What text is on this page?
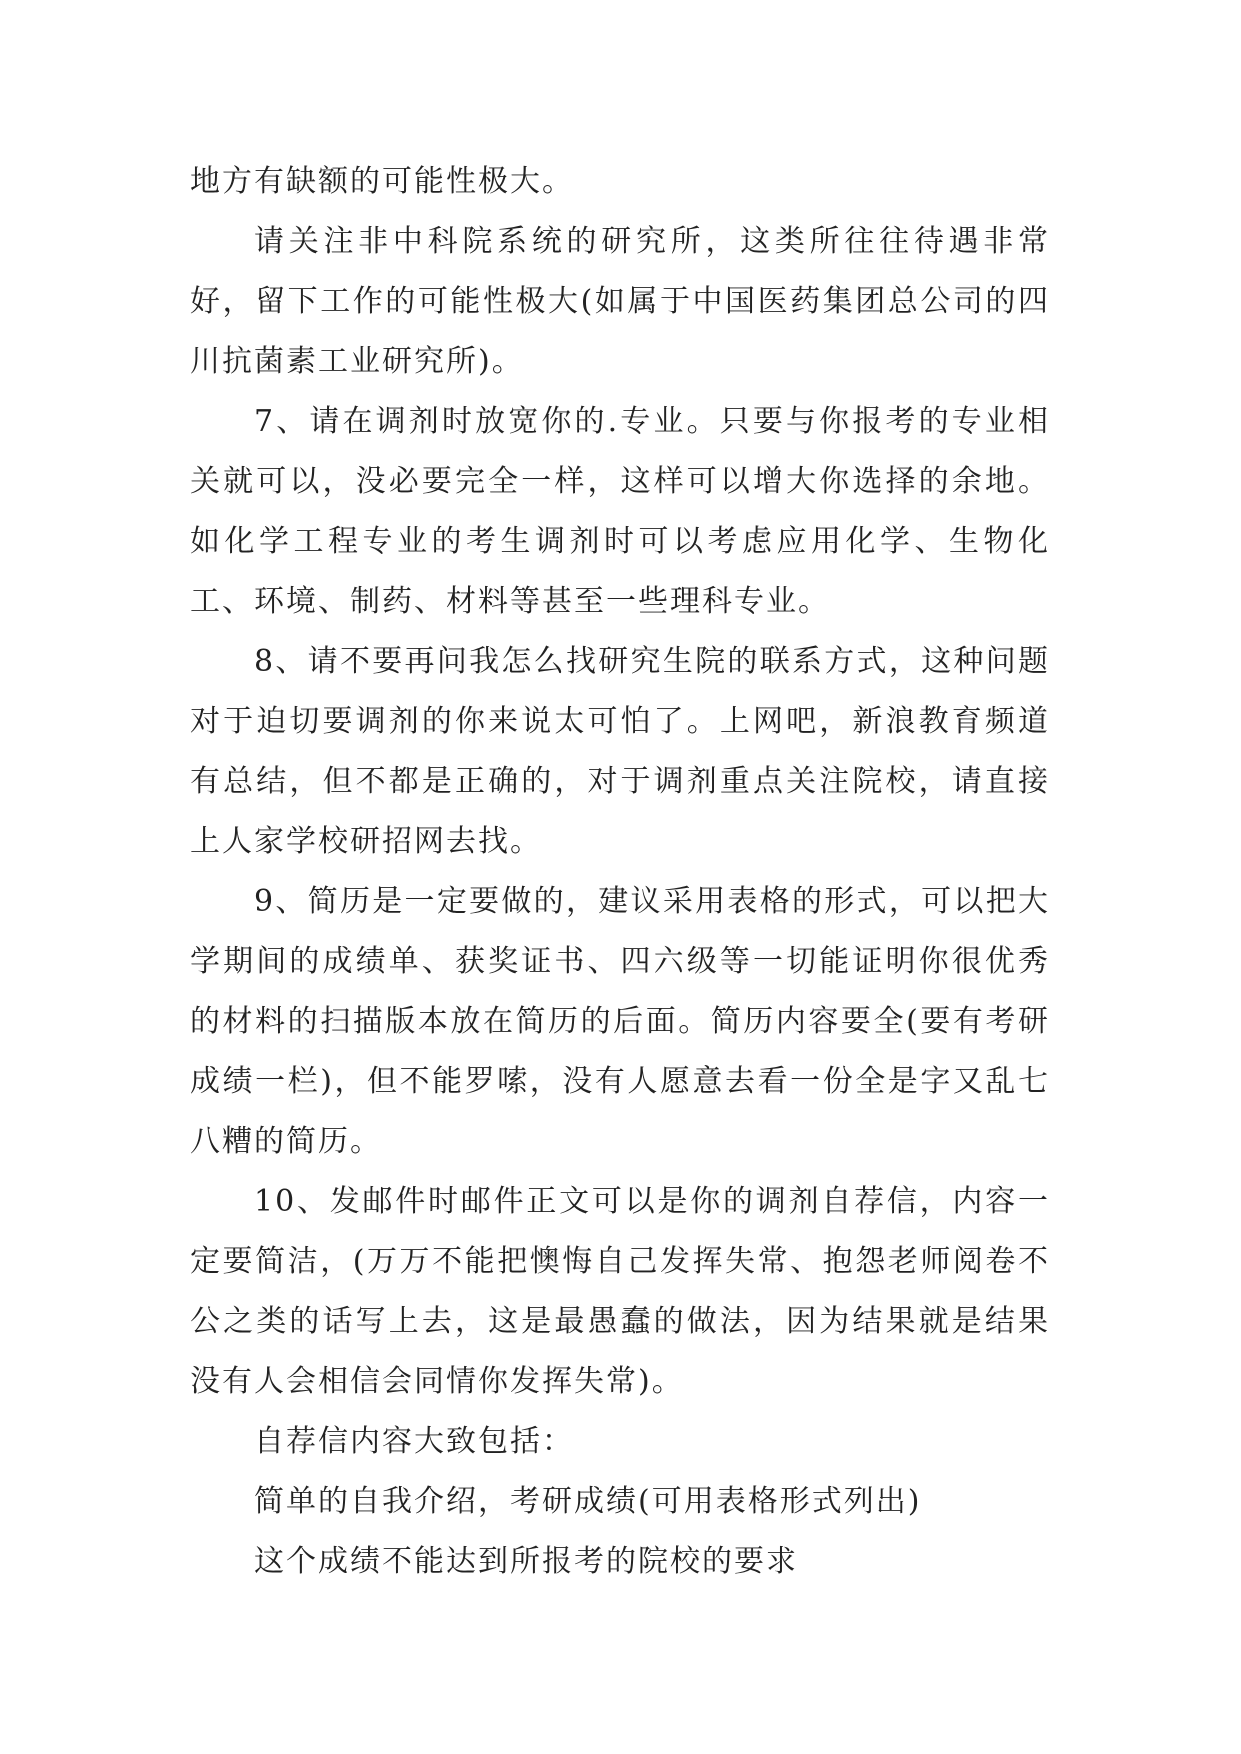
地方有缺额的可能性极大。

请关注非中科院系统的研究所，这类所往往待遇非常好，留下工作的可能性极大(如属于中国医药集团总公司的四川抗菌素工业研究所)。

7、请在调剂时放宽你的.专业。只要与你报考的专业相关就可以，没必要完全一样，这样可以增大你选择的余地。如化学工程专业的考生调剂时可以考虑应用化学、生物化工、环境、制药、材料等甚至一些理科专业。

8、请不要再问我怎么找研究生院的联系方式，这种问题对于迫切要调剂的你来说太可怕了。上网吧，新浪教育频道有总结，但不都是正确的，对于调剂重点关注院校，请直接上人家学校研招网去找。

9、简历是一定要做的，建议采用表格的形式，可以把大学期间的成绩单、获奖证书、四六级等一切能证明你很优秀的材料的扫描版本放在简历的后面。简历内容要全(要有考研成绩一栏)，但不能罗嗦，没有人愿意去看一份全是字又乱七八糟的简历。

10、发邮件时邮件正文可以是你的调剂自荐信，内容一定要简洁，(万万不能把懊悔自己发挥失常、抱怨老师阅卷不公之类的话写上去，这是最愚蠢的做法，因为结果就是结果没有人会相信会同情你发挥失常)。

自荐信内容大致包括：

简单的自我介绍，考研成绩(可用表格形式列出)

这个成绩不能达到所报考的院校的要求
